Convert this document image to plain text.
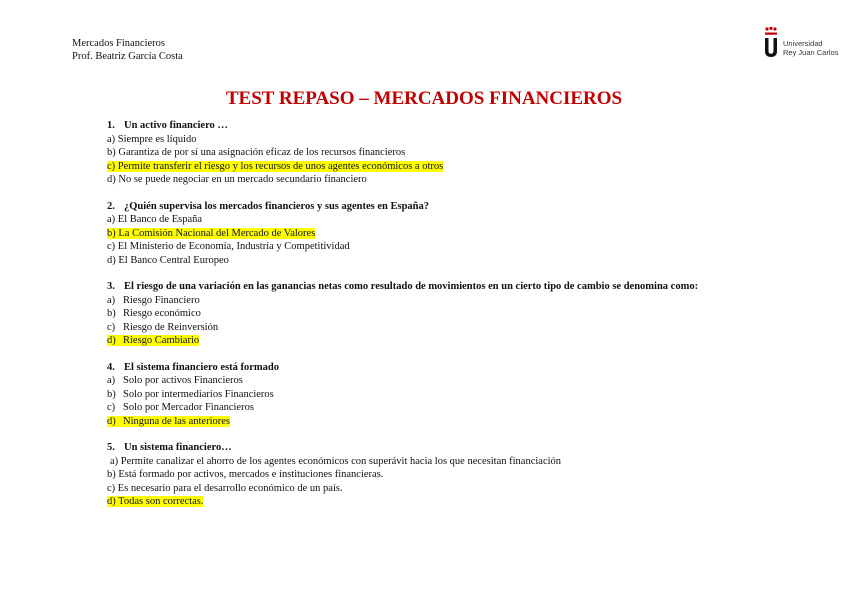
Mercados Financieros
Prof. Beatriz García Costa
Universidad
Rey Juan Carlos
TEST REPASO – MERCADOS FINANCIEROS
1. Un activo financiero …
a) Siempre es líquido
b) Garantiza de por sí una asignación eficaz de los recursos financieros
c) Permite transferir el riesgo y los recursos de unos agentes económicos a otros
d) No se puede negociar en un mercado secundario financiero
2. ¿Quién supervisa los mercados financieros y sus agentes en España?
a) El Banco de España
b) La Comisión Nacional del Mercado de Valores
c) El Ministerio de Economía, Industria y Competitividad
d) El Banco Central Europeo
3. El riesgo de una variación en las ganancias netas como resultado de movimientos en un cierto tipo de cambio se denomina como:
a) Riesgo Financiero
b) Riesgo económico
c) Riesgo de Reinversión
d) Riesgo Cambiario
4. El sistema financiero está formado
a) Solo por activos Financieros
b) Solo por intermediarios Financieros
c) Solo por Mercador Financieros
d) Ninguna de las anteriores
5. Un sistema financiero…
a) Permite canalizar el ahorro de los agentes económicos con superávit hacia los que necesitan financiación
b) Está formado por activos, mercados e instituciones financieras.
c) Es necesario para el desarrollo económico de un país.
d) Todas son correctas.
